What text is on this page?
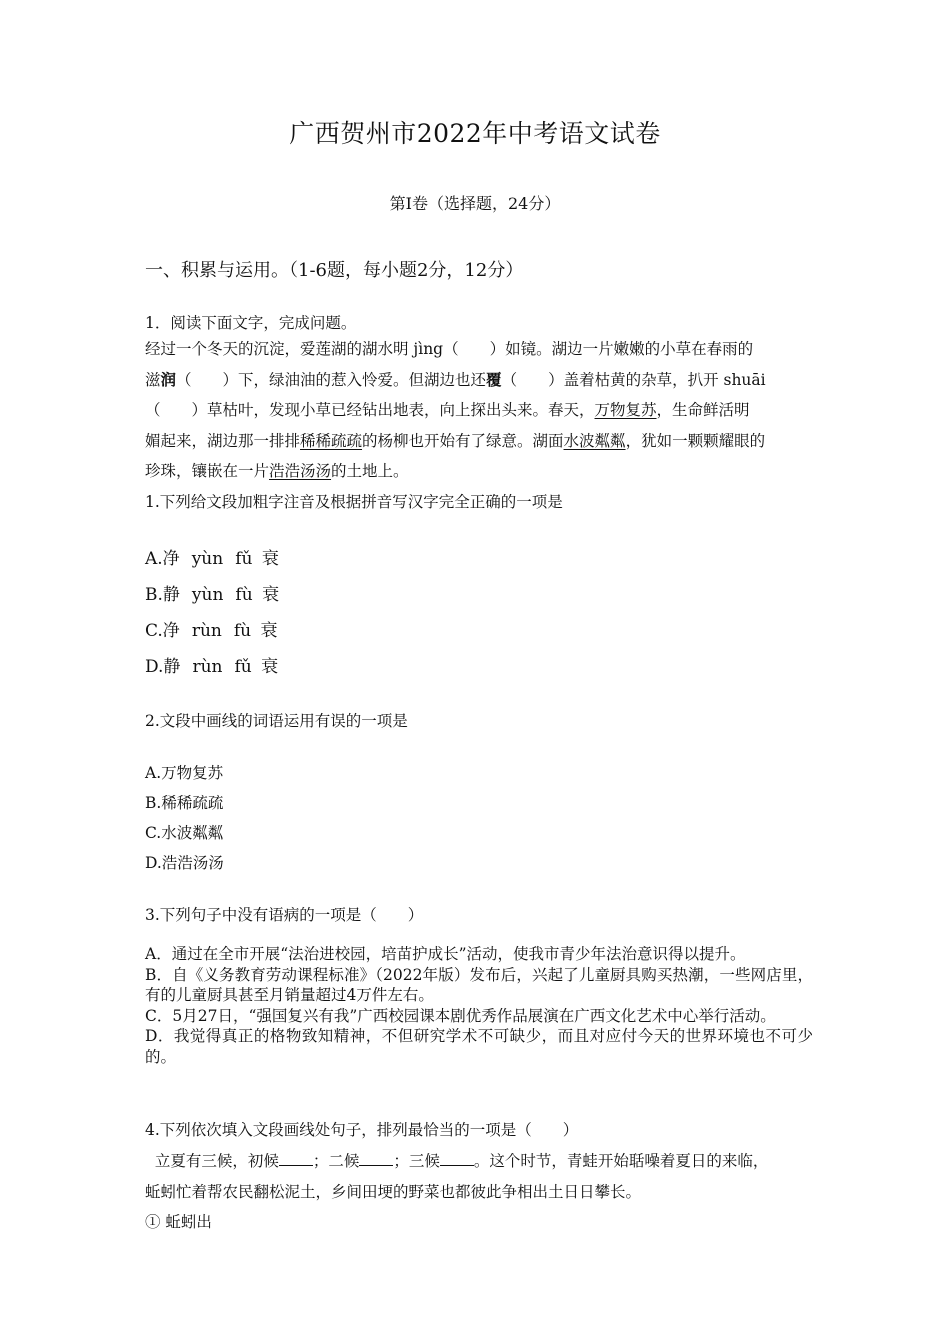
广西贺州市2022年中考语文试卷
第Ⅰ卷（选择题，24分）
一、积累与运用。（1-6题，每小题2分，12分）
1．阅读下面文字，完成问题。
经过一个冬天的沉淀，爱莲湖的湖水明 jìng（　　）如镜。湖边一片嫩嫩的小草在春雨的
滋润（　　）下，绿油油的惹入怜爱。但湖边也还覆（　　）盖着枯黄的杂草，扒开 shuāi
（　　）草枯叶，发现小草已经钻出地表，向上探出头来。春天，万物复苏，生命鲜活明
媚起来，湖边那一排排稀稀疏疏的杨柳也开始有了绿意。湖面水波粼粼，犹如一颗颗耀眼的
珍珠，镶嵌在一片浩浩汤汤的土地上。
1.下列给文段加粗字注音及根据拼音写汉字完全正确的一项是
A.净 yùn fǔ 衰
B.静 yùn fù 衰
C.净 rùn fù 衰
D.静 rùn fǔ 衰
2.文段中画线的词语运用有误的一项是
A.万物复苏
B.稀稀疏疏
C.水波粼粼
D.浩浩汤汤
3.下列句子中没有语病的一项是（　　）
A．通过在全市开展“法治进校园，培苗护成长”活动，使我市青少年法治意识得以提升。
B．自《义务教育劳动课程标准》（2022年版）发布后，兴起了儿童厨具购买热潮，一些网店里，有的儿童厨具甚至月销量超过4万件左右。
C．5月27日，“强国复兴有我”广西校园课本剧优秀作品展演在广西文化艺术中心举行活动。
D．我觉得真正的格物致知精神，不但研究学术不可缺少，而且对应付今天的世界环境也不可少的。
4.下列依次填入文段画线处句子，排列最恰当的一项是（　　）
立夏有三候，初候 ；二候 ；三候 。这个时节，青蛙开始聒噪着夏日的来临，
蚯蚓忙着帮农民翻松泥土，乡间田埂的野菜也都彼此争相出土日日攀长。
① 蚯蚓出
